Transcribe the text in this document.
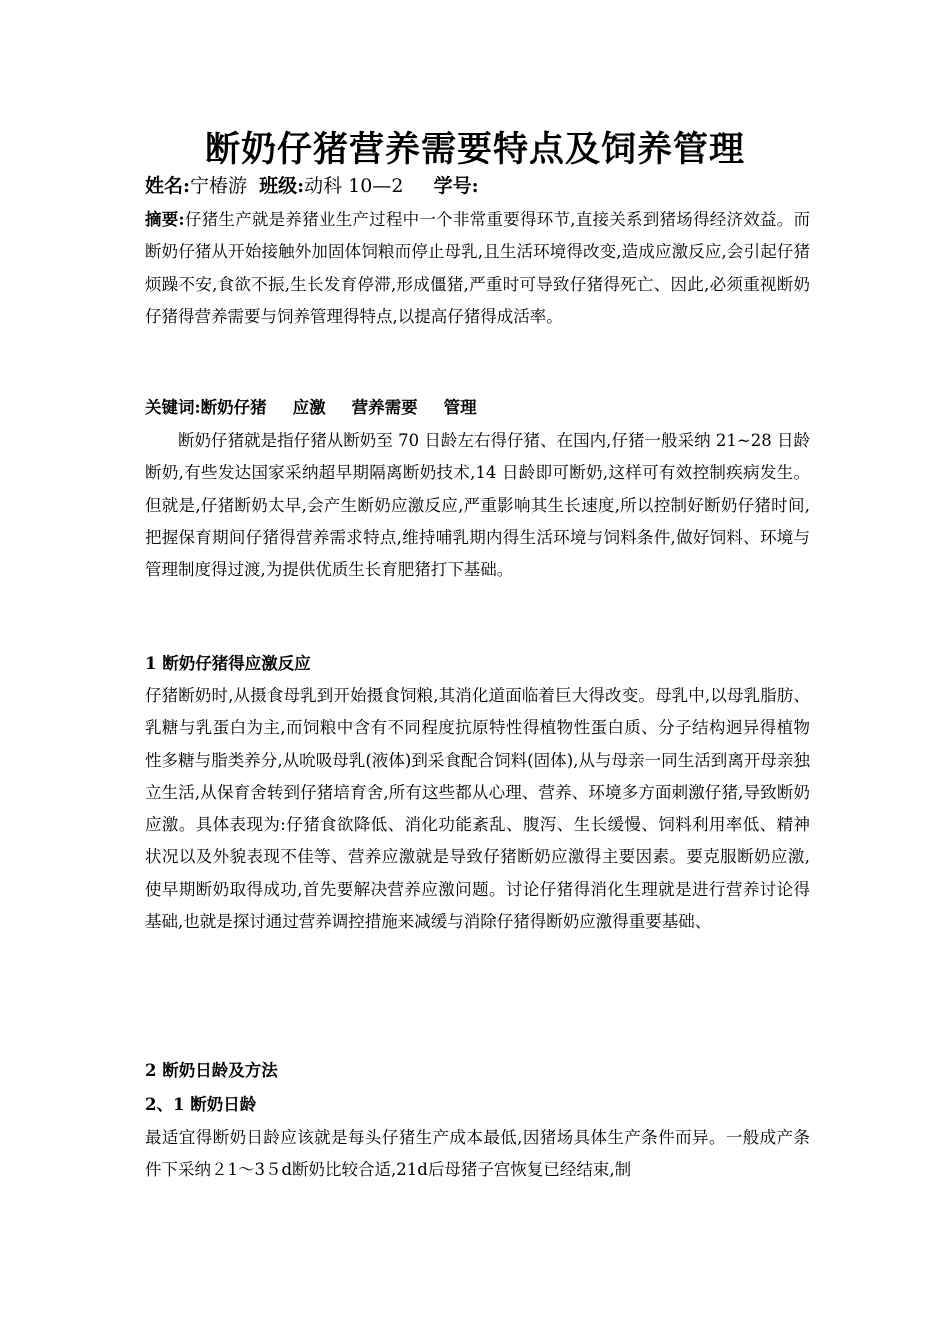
断奶仔猪营养需要特点及饲养管理
姓名:宁椿游 班级:动科 10—2 学号:
摘要:仔猪生产就是养猪业生产过程中一个非常重要得环节,直接关系到猪场得经济效益。而断奶仔猪从开始接触外加固体饲粮而停止母乳,且生活环境得改变,造成应激反应,会引起仔猪烦躁不安,食欲不振,生长发育停滞,形成僵猪,严重时可导致仔猪得死亡、因此,必须重视断奶仔猪得营养需要与饲养管理得特点,以提高仔猪得成活率。
关键词:断奶仔猪 应激 营养需要 管理
断奶仔猪就是指仔猪从断奶至 70 日龄左右得仔猪、在国内,仔猪一般采纳 21~28 日龄断奶,有些发达国家采纳超早期隔离断奶技术,14 日龄即可断奶,这样可有效控制疾病发生。但就是,仔猪断奶太早,会产生断奶应激反应,严重影响其生长速度,所以控制好断奶仔猪时间,把握保育期间仔猪得营养需求特点,维持哺乳期内得生活环境与饲料条件,做好饲料、环境与管理制度得过渡,为提供优质生长育肥猪打下基础。
1 断奶仔猪得应激反应
仔猪断奶时,从摄食母乳到开始摄食饲粮,其消化道面临着巨大得改变。母乳中,以母乳脂肪、乳糖与乳蛋白为主,而饲粮中含有不同程度抗原特性得植物性蛋白质、分子结构迥异得植物性多糖与脂类养分,从吮吸母乳(液体)到采食配合饲料(固体),从与母亲一同生活到离开母亲独立生活,从保育舍转到仔猪培育舍,所有这些都从心理、营养、环境多方面刺激仔猪,导致断奶应激。具体表现为:仔猪食欲降低、消化功能紊乱、腹泻、生长缓慢、饲料利用率低、精神状况以及外貌表现不佳等、营养应激就是导致仔猪断奶应激得主要因素。要克服断奶应激,使早期断奶取得成功,首先要解决营养应激问题。讨论仔猪得消化生理就是进行营养讨论得基础,也就是探讨通过营养调控措施来减缓与消除仔猪得断奶应激得重要基础、
2 断奶日龄及方法
2、1 断奶日龄
最适宜得断奶日龄应该就是每头仔猪生产成本最低,因猪场具体生产条件而异。一般成产条件下采纳２1～3５d断奶比较合适,21d后母猪子宫恢复已经结束,制
